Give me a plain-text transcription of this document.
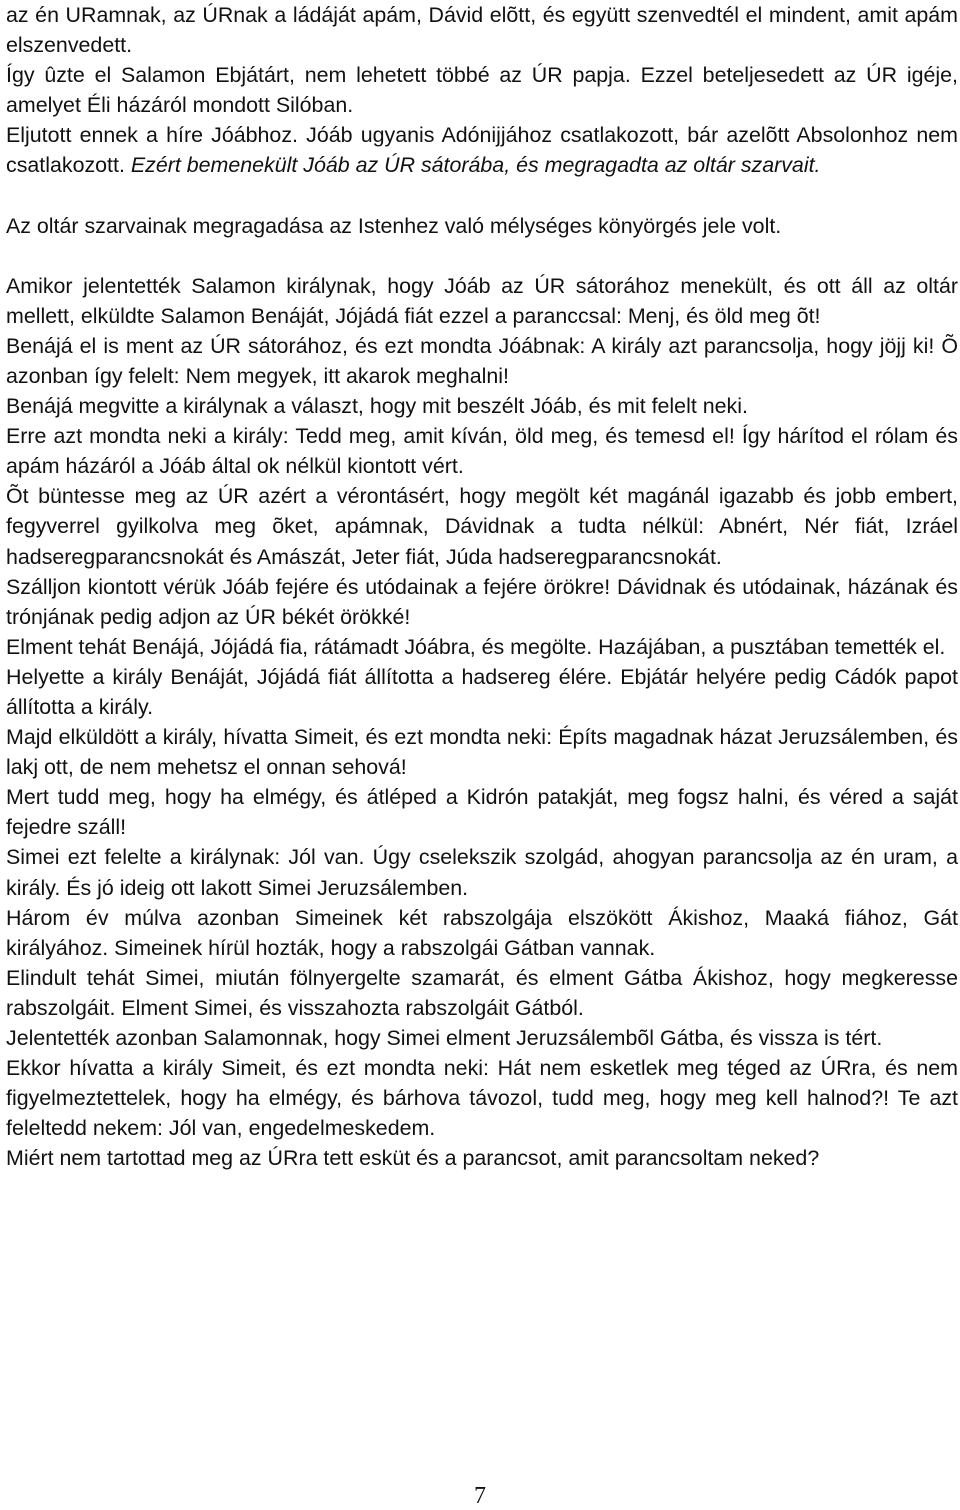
az én URamnak, az ÚRnak a ládáját apám, Dávid elõtt, és együtt szenvedtél el mindent, amit apám elszenvedett.

Így ûzte el Salamon Ebjátárt, nem lehetett többé az ÚR papja. Ezzel beteljesedett az ÚR igéje, amelyet Éli házáról mondott Silóban.

Eljutott ennek a híre Jóábhoz. Jóáb ugyanis Adónijjához csatlakozott, bár azelõtt Absolonhoz nem csatlakozott. Ezért bemenekült Jóáb az ÚR sátorába, és megragadta az oltár szarvait.

Az oltár szarvainak megragadása az Istenhez való mélységes könyörgés jele volt.

Amikor jelentették Salamon királynak, hogy Jóáb az ÚR sátorához menekült, és ott áll az oltár mellett, elküldte Salamon Benáját, Jójádá fiát ezzel a paranccsal: Menj, és öld meg õt!

Benájá el is ment az ÚR sátorához, és ezt mondta Jóábnak: A király azt parancsolja, hogy jöjj ki! Õ azonban így felelt: Nem megyek, itt akarok meghalni!

Benájá megvitte a királynak a választ, hogy mit beszélt Jóáb, és mit felelt neki.

Erre azt mondta neki a király: Tedd meg, amit kíván, öld meg, és temesd el! Így hárítod el rólam és apám házáról a Jóáb által ok nélkül kiontott vért.

Õt büntesse meg az ÚR azért a vérontásért, hogy megölt két magánál igazabb és jobb embert, fegyverrel gyilkolva meg õket, apámnak, Dávidnak a tudta nélkül: Abnért, Nér fiát, Izráel hadseregparancsnokát és Amászát, Jeter fiát, Júda hadseregparancsnokát.

Szálljon kiontott vérük Jóáb fejére és utódainak a fejére örökre! Dávidnak és utódainak, házának és trónjának pedig adjon az ÚR békét örökké!

Elment tehát Benájá, Jójádá fia, rátámadt Jóábra, és megölte. Hazájában, a pusztában temették el.

Helyette a király Benáját, Jójádá fiát állította a hadsereg élére. Ebjátár helyére pedig Cádók papot állította a király.

Majd elküldött a király, hívatta Simeit, és ezt mondta neki: Építs magadnak házat Jeruzsálemben, és lakj ott, de nem mehetsz el onnan sehová!

Mert tudd meg, hogy ha elmégy, és átléped a Kidrón patakját, meg fogsz halni, és véred a saját fejedre száll!

Simei ezt felelte a királynak: Jól van. Úgy cselekszik szolgád, ahogyan parancsolja az én uram, a király. És jó ideig ott lakott Simei Jeruzsálemben.

Három év múlva azonban Simeinek két rabszolgája elszökött Ákishoz, Maaká fiához, Gát királyához. Simeinek hírül hozták, hogy a rabszolgái Gátban vannak.

Elindult tehát Simei, miután fölnyergelte szamarát, és elment Gátba Ákishoz, hogy megkeresse rabszolgáit. Elment Simei, és visszahozta rabszolgáit Gátból.

Jelentették azonban Salamonnak, hogy Simei elment Jeruzsálembõl Gátba, és vissza is tért.

Ekkor hívatta a király Simeit, és ezt mondta neki: Hát nem esketlek meg téged az ÚRra, és nem figyelmeztettelek, hogy ha elmégy, és bárhova távozol, tudd meg, hogy meg kell halnod?! Te azt feleltedd nekem: Jól van, engedelmeskedem.

Miért nem tartottad meg az ÚRra tett esküt és a parancsot, amit parancsoltam neked?

7
